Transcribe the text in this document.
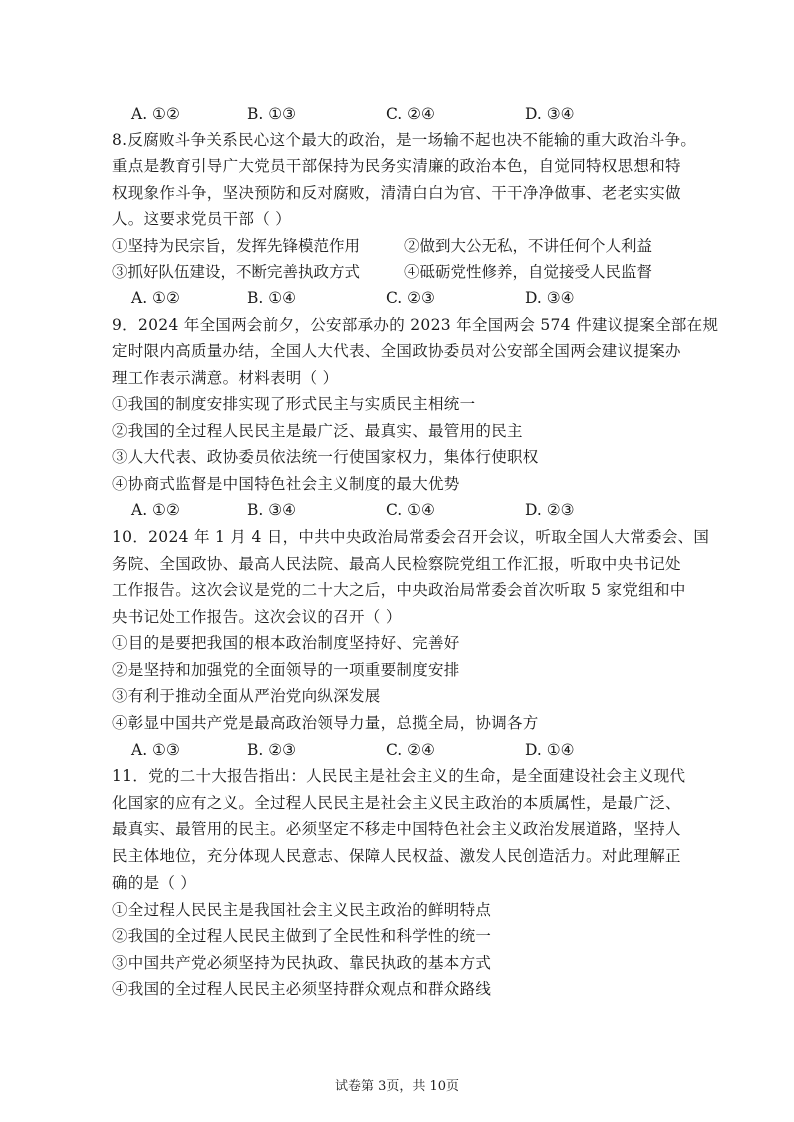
A. ①②	B. ①③	C. ②④	D. ③④
8.反腐败斗争关系民心这个最大的政治，是一场输不起也决不能输的重大政治斗争。
重点是教育引导广大党员干部保持为民务实清廉的政治本色，自觉同特权思想和特
权现象作斗争，坚决预防和反对腐败，清清白白为官、干干净净做事、老老实实做
人。这要求党员干部（ ）
①坚持为民宗旨，发挥先锋模范作用	②做到大公无私，不讲任何个人利益
③抓好队伍建设，不断完善执政方式	④砥砺党性修养，自觉接受人民监督
A. ①②	B. ①④	C. ②③	D. ③④
9．2024 年全国两会前夕，公安部承办的 2023 年全国两会 574 件建议提案全部在规
定时限内高质量办结，全国人大代表、全国政协委员对公安部全国两会建议提案办
理工作表示满意。材料表明（ ）
①我国的制度安排实现了形式民主与实质民主相统一
②我国的全过程人民民主是最广泛、最真实、最管用的民主
③人大代表、政协委员依法统一行使国家权力，集体行使职权
④协商式监督是中国特色社会主义制度的最大优势
A. ①②	B. ③④	C. ①④	D. ②③
10．2024 年 1 月 4 日，中共中央政治局常委会召开会议，听取全国人大常委会、国
务院、全国政协、最高人民法院、最高人民检察院党组工作汇报，听取中央书记处
工作报告。这次会议是党的二十大之后，中央政治局常委会首次听取 5 家党组和中
央书记处工作报告。这次会议的召开（ ）
①目的是要把我国的根本政治制度坚持好、完善好
②是坚持和加强党的全面领导的一项重要制度安排
③有利于推动全面从严治党向纵深发展
④彰显中国共产党是最高政治领导力量，总揽全局，协调各方
A. ①③	B. ②③	C. ②④	D. ①④
11．党的二十大报告指出：人民民主是社会主义的生命，是全面建设社会主义现代
化国家的应有之义。全过程人民民主是社会主义民主政治的本质属性，是最广泛、
最真实、最管用的民主。必须坚定不移走中国特色社会主义政治发展道路，坚持人
民主体地位，充分体现人民意志、保障人民权益、激发人民创造活力。对此理解正
确的是（ ）
①全过程人民民主是我国社会主义民主政治的鲜明特点
②我国的全过程人民民主做到了全民性和科学性的统一
③中国共产党必须坚持为民执政、靠民执政的基本方式
④我国的全过程人民民主必须坚持群众观点和群众路线
试卷第 3页，共 10页
